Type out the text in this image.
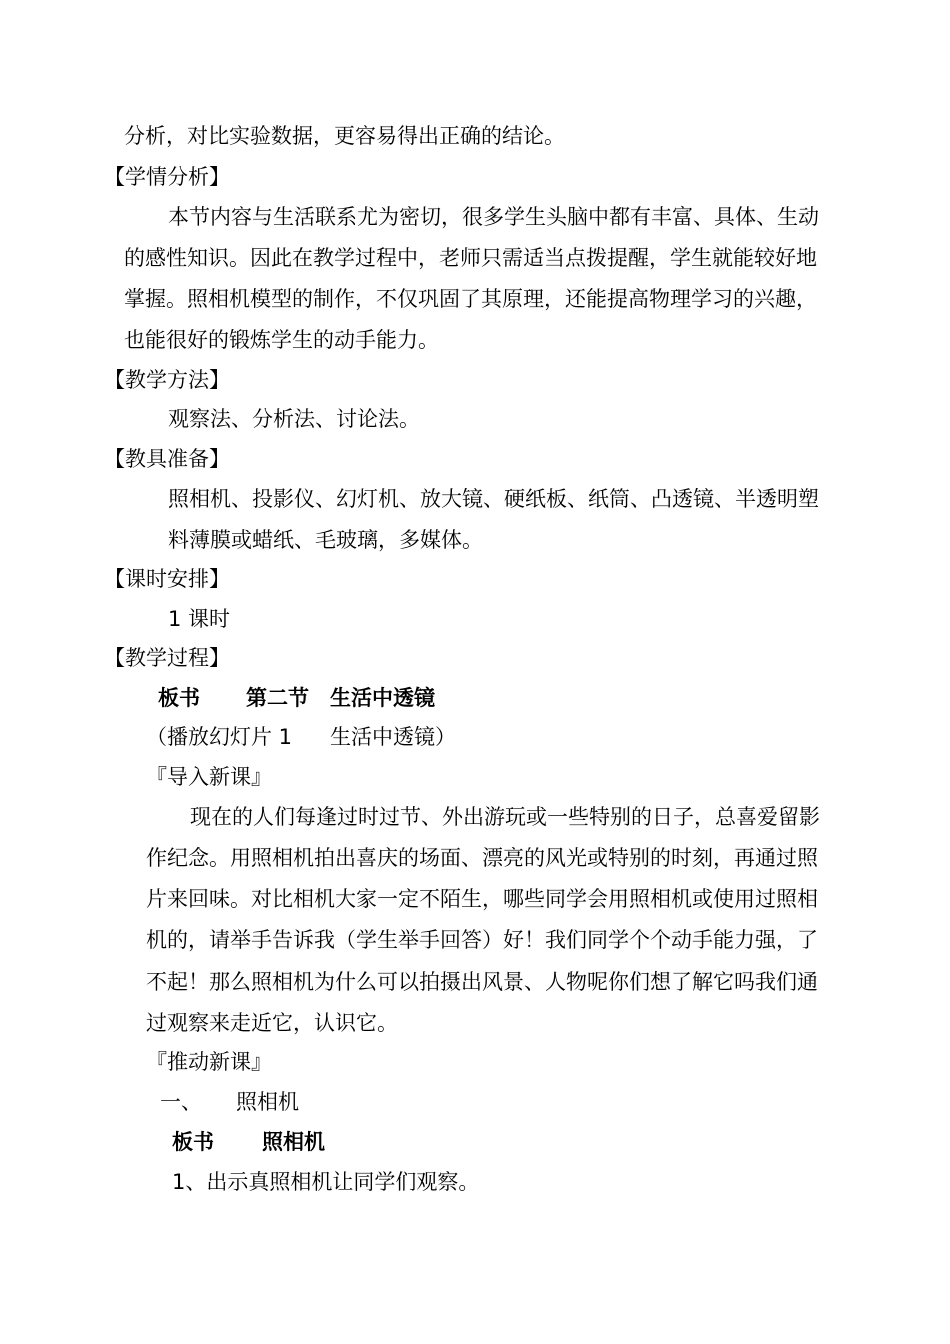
分析，对比实验数据，更容易得出正确的结论。
【学情分析】
本节内容与生活联系尤为密切，很多学生头脑中都有丰富、具体、生动
的感性知识。因此在教学过程中，老师只需适当点拨提醒，学生就能较好地
掌握。照相机模型的制作，不仅巩固了其原理，还能提高物理学习的兴趣，
也能很好的锻炼学生的动手能力。
【教学方法】
观察法、分析法、讨论法。
【教具准备】
照相机、投影仪、幻灯机、放大镜、硬纸板、纸筒、凸透镜、半透明塑
料薄膜或蜡纸、毛玻璃，多媒体。
【课时安排】
1 课时
【教学过程】
板书 第二节　生活中透镜
（播放幻灯片 1 生活中透镜）
『导入新课』
现在的人们每逢过时过节、外出游玩或一些特别的日子，总喜爱留影
作纪念。用照相机拍出喜庆的场面、漂亮的风光或特别的时刻，再通过照
片来回味。对比相机大家一定不陌生，哪些同学会用照相机或使用过照相
机的，请举手告诉我（学生举手回答）好！我们同学个个动手能力强，了
不起！那么照相机为什么可以拍摄出风景、人物呢你们想了解它吗我们通
过观察来走近它，认识它。
『推动新课』
一、 照相机
板书 照相机
1、出示真照相机让同学们观察。
